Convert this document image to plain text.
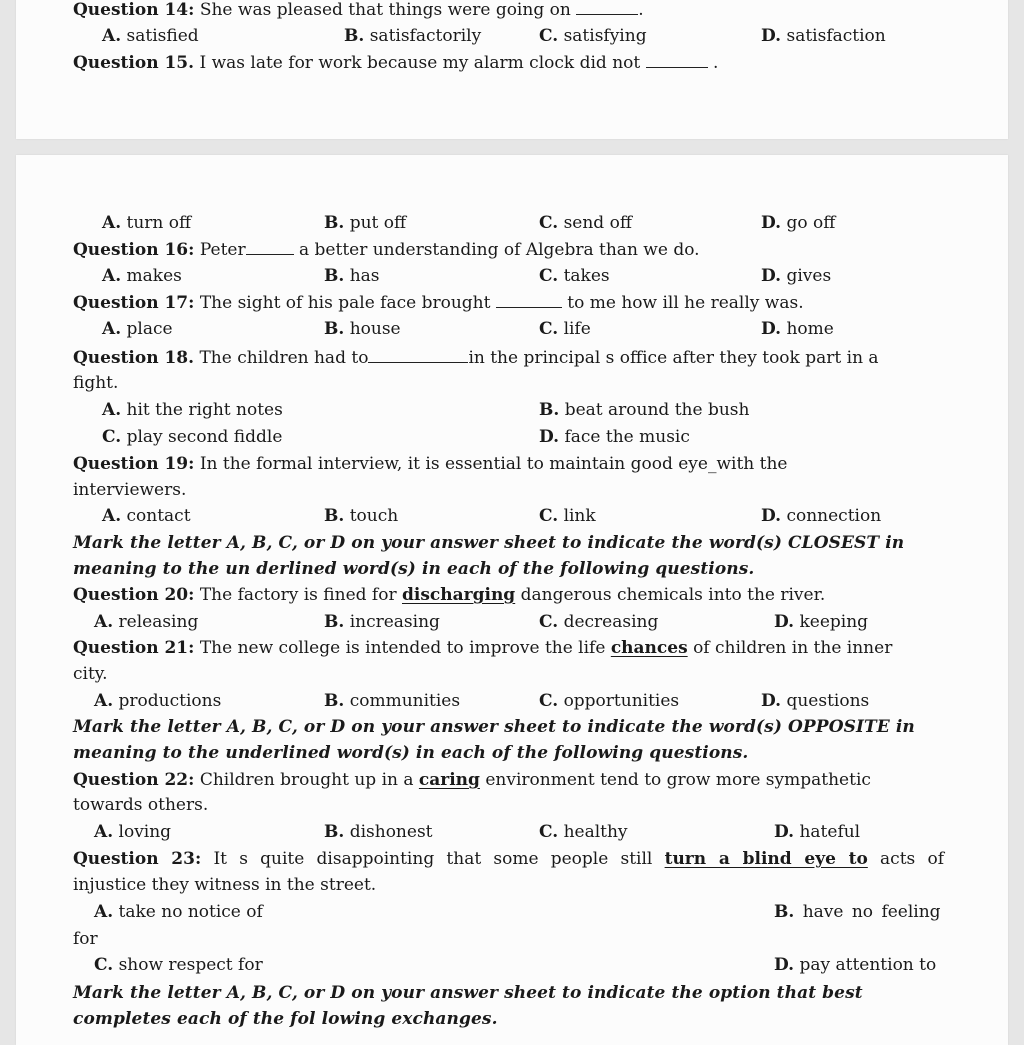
Question 14: She was pleased that things were going on	.
A. satisfied	B. satisfactorily	C. satisfying	D. satisfaction
Question 15. I was late for work because my alarm clock did not	.
A. turn off	B. put off	C. send off	D. go off
Question 16: Peter	a better understanding of Algebra than we do.
A. makes	B. has	C. takes	D. gives
Question 17: The sight of his pale face brought	to me how ill he really was.
A. place	B. house	C. life	D. home
Question 18. The children had to	in the principal s office after they took part in a
fight.
A. hit the right notes	B. beat around the bush
C. play second fiddle	D. face the music
Question 19: In the formal interview, it is essential to maintain good eye_with the
interviewers.
A. contact	B. touch	C. link	D. connection
Mark the letter A, B, C, or D on your answer sheet to indicate the word(s) CLOSEST in
meaning to the un derlined word(s) in each of the following questions.
Question 20: The factory is fined for discharging dangerous chemicals into the river.
A. releasing	B. increasing	C. decreasing	D. keeping
Question 21: The new college is intended to improve the life chances of children in the inner
city.
A. productions	B. communities	C. opportunities	D. questions
Mark the letter A, B, C, or D on your answer sheet to indicate the word(s) OPPOSITE in
meaning to the underlined word(s) in each of the following questions.
Question 22: Children brought up in a caring environment tend to grow more sympathetic
towards others.
A. loving	B. dishonest	C. healthy	D. hateful
Question 23: It s quite disappointing that some people still turn a blind eye to acts of
injustice they witness in the street.
A. take no notice of	B. have no feeling
for
C. show respect for	D. pay attention to
Mark the letter A, B, C, or D on your answer sheet to indicate the option that best
completes each of the fol lowing exchanges.
